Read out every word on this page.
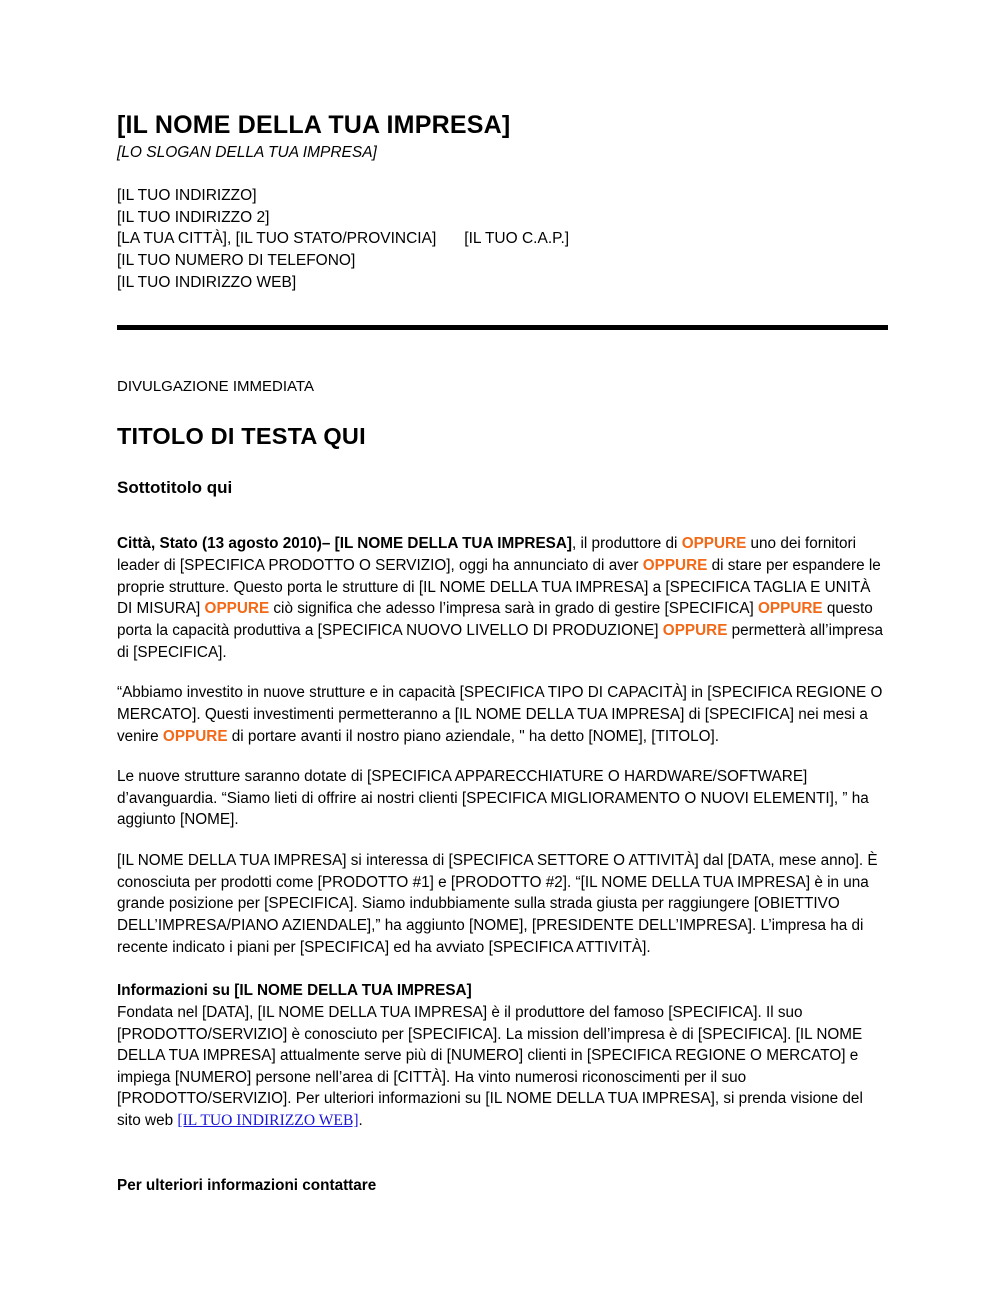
[IL NOME DELLA TUA IMPRESA]
[LO SLOGAN DELLA TUA IMPRESA]
[IL TUO INDIRIZZO]
[IL TUO INDIRIZZO 2]
[LA TUA CITTÀ], [IL TUO STATO/PROVINCIA] [IL TUO C.A.P.]
[IL TUO NUMERO DI TELEFONO]
[IL TUO INDIRIZZO WEB]
DIVULGAZIONE IMMEDIATA
TITOLO DI TESTA QUI
Sottotitolo qui

Città, Stato (13 agosto 2010)– [IL NOME DELLA TUA IMPRESA], il produttore di OPPURE uno dei fornitori leader di [SPECIFICA PRODOTTO O SERVIZIO], oggi ha annunciato di aver OPPURE di stare per espandere le proprie strutture. Questo porta le strutture di [IL NOME DELLA TUA IMPRESA] a [SPECIFICA TAGLIA E UNITÀ DI MISURA] OPPURE ciò significa che adesso l’impresa sarà in grado di gestire [SPECIFICA] OPPURE questo porta la capacità produttiva a [SPECIFICA NUOVO LIVELLO DI PRODUZIONE] OPPURE permetterà all’impresa di [SPECIFICA].

“Abbiamo investito in nuove strutture e in capacità [SPECIFICA TIPO DI CAPACITÀ] in [SPECIFICA REGIONE O MERCATO]. Questi investimenti permetteranno a [IL NOME DELLA TUA IMPRESA] di [SPECIFICA] nei mesi a venire OPPURE di portare avanti il nostro piano aziendale, " ha detto [NOME], [TITOLO].

Le nuove strutture saranno dotate di [SPECIFICA APPARECCHIATURE O HARDWARE/SOFTWARE] d’avanguardia. “Siamo lieti di offrire ai nostri clienti [SPECIFICA MIGLIORAMENTO O NUOVI ELEMENTI], ” ha aggiunto [NOME].

[IL NOME DELLA TUA IMPRESA] si interessa di [SPECIFICA SETTORE O ATTIVITÀ] dal [DATA, mese anno]. È conosciuta per prodotti come [PRODOTTO #1] e [PRODOTTO #2]. “[IL NOME DELLA TUA IMPRESA] è in una grande posizione per [SPECIFICA]. Siamo indubbiamente sulla strada giusta per raggiungere [OBIETTIVO DELL’IMPRESA/PIANO AZIENDALE],” ha aggiunto [NOME], [PRESIDENTE DELL’IMPRESA]. L’impresa ha di recente indicato i piani per [SPECIFICA] ed ha avviato [SPECIFICA ATTIVITÀ].

Informazioni su [IL NOME DELLA TUA IMPRESA]

Fondata nel [DATA], [IL NOME DELLA TUA IMPRESA] è il produttore del famoso [SPECIFICA]. Il suo [PRODOTTO/SERVIZIO] è conosciuto per [SPECIFICA]. La mission dell’impresa è di [SPECIFICA]. [IL NOME DELLA TUA IMPRESA] attualmente serve più di [NUMERO] clienti in [SPECIFICA REGIONE O MERCATO] e impiega [NUMERO] persone nell’area di [CITTÀ]. Ha vinto numerosi riconoscimenti per il suo [PRODOTTO/SERVIZIO]. Per ulteriori informazioni su [IL NOME DELLA TUA IMPRESA], si prenda visione del sito web [IL TUO INDIRIZZO WEB].

Per ulteriori informazioni contattare
